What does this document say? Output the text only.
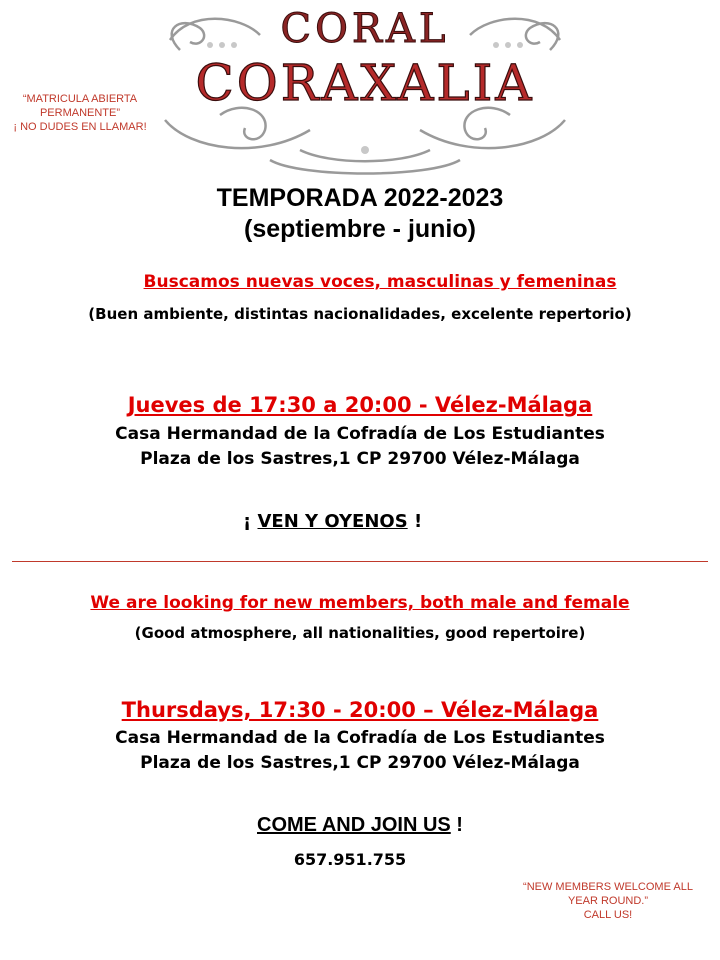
CORAL
CORAXALIA
“MATRICULA ABIERTA
PERMANENTE”
¡ NO DUDES EN LLAMAR!
TEMPORADA 2022-2023
(septiembre - junio)
Buscamos nuevas voces, masculinas y femeninas
(Buen ambiente, distintas nacionalidades, excelente repertorio)
Jueves de 17:30 a 20:00 - Vélez-Málaga
Casa Hermandad de la Cofradía de Los Estudiantes
Plaza de los Sastres,1 CP 29700 Vélez-Málaga
¡ VEN Y OYENOS !
We are looking for new members, both male and female
(Good atmosphere, all nationalities, good repertoire)
Thursdays, 17:30 - 20:00 – Vélez-Málaga
Casa Hermandad de la Cofradía de Los Estudiantes
Plaza de los Sastres,1 CP 29700 Vélez-Málaga
COME AND JOIN US !
657.951.755
“NEW MEMBERS WELCOME ALL
YEAR ROUND.”
CALL US!
